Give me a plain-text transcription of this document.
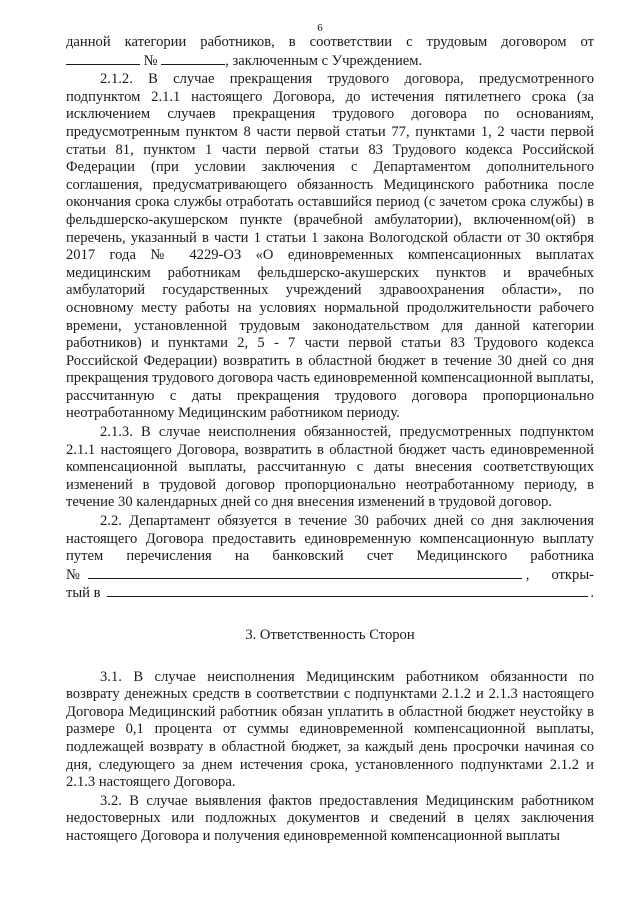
6
данной категории работников, в соответствии с трудовым договором от
№	, заключенным с Учреждением.

2.1.2. В случае прекращения трудового договора, предусмотренного подпунктом 2.1.1 настоящего Договора, до истечения пятилетнего срока (за исключением случаев прекращения трудового договора по основаниям, предусмотренным пунктом 8 части первой статьи 77, пунктами 1, 2 части первой статьи 81, пунктом 1 части первой статьи 83 Трудового кодекса Российской Федерации (при условии заключения с Департаментом дополнительного соглашения, предусматривающего обязанность Медицинского работника после окончания срока службы отработать оставшийся период (с зачетом срока службы) в фельдшерско-акушерском пункте (врачебной амбулатории), включенном(ой) в перечень, указанный в части 1 статьи 1 закона Вологодской области от 30 октября 2017 года № 4229-ОЗ «О единовременных компенсационных выплатах медицинским работникам фельдшерско-акушерских пунктов и врачебных амбулаторий государственных учреждений здравоохранения области», по основному месту работы на условиях нормальной продолжительности рабочего времени, установленной трудовым законодательством для данной категории работников) и пунктами 2, 5 - 7 части первой статьи 83 Трудового кодекса Российской Федерации) возвратить в областной бюджет в течение 30 дней со дня прекращения трудового договора часть единовременной компенсационной выплаты, рассчитанную с даты прекращения трудового договора пропорционально неотработанному Медицинским работником периоду.

2.1.3. В случае неисполнения обязанностей, предусмотренных подпунктом 2.1.1 настоящего Договора, возвратить в областной бюджет часть единовременной компенсационной выплаты, рассчитанную с даты внесения соответствующих изменений в трудовой договор пропорционально неотработанному периоду, в течение 30 календарных дней со дня внесения изменений в трудовой договор.

2.2. Департамент обязуется в течение 30 рабочих дней со дня заключения настоящего Договора предоставить единовременную компенсационную выплату

путем перечисления на банковский счет Медицинского работника
№	, откры-
тый в	.
3. Ответственность Сторон

3.1. В случае неисполнения Медицинским работником обязанности по возврату денежных средств в соответствии с подпунктами 2.1.2 и 2.1.3 настоящего Договора Медицинский работник обязан уплатить в областной бюджет неустойку в размере 0,1 процента от суммы единовременной компенсационной выплаты, подлежащей возврату в областной бюджет, за каждый день просрочки начиная со дня, следующего за днем истечения срока, установленного подпунктами 2.1.2 и 2.1.3 настоящего Договора.

3.2. В случае выявления фактов предоставления Медицинским работником недостоверных или подложных документов и сведений в целях заключения настоящего Договора и получения единовременной компенсационной выплаты
